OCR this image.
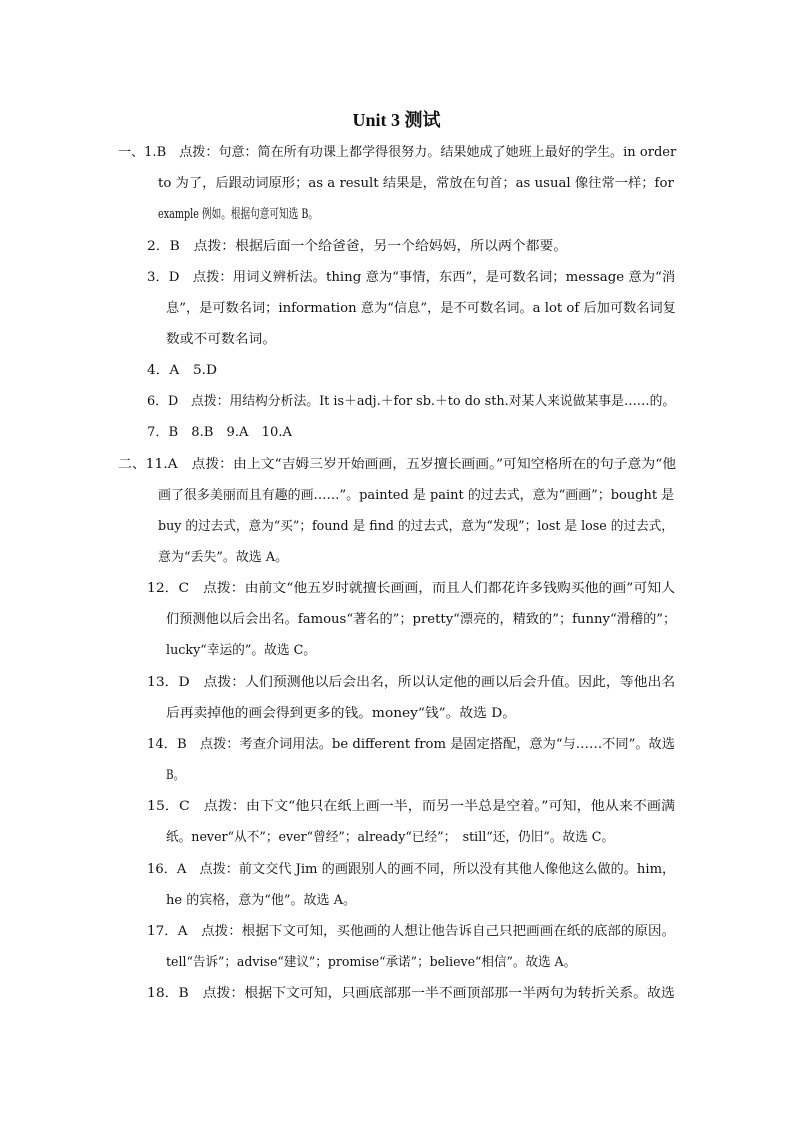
Unit 3 测试
一、1.B　点拨：句意：简在所有功课上都学得很努力。结果她成了她班上最好的学生。in order
to 为了，后跟动词原形；as a result 结果是，常放在句首；as usual 像往常一样；for
example 例如。根据句意可知选 B。
2．B　点拨：根据后面一个给爸爸，另一个给妈妈，所以两个都要。
3．D　点拨：用词义辨析法。thing 意为“事情，东西”，是可数名词；message 意为“消
息”，是可数名词；information 意为“信息”，是不可数名词。a lot of 后加可数名词复
数或不可数名词。
4．A　5.D
6．D　点拨：用结构分析法。It is＋adj.＋for sb.＋to do sth.对某人来说做某事是……的。
7．B　8.B　9.A　10.A
二、11.A　点拨：由上文“吉姆三岁开始画画，五岁擅长画画。”可知空格所在的句子意为“他
画了很多美丽而且有趣的画……”。painted 是 paint 的过去式，意为“画画”；bought 是
buy 的过去式，意为“买”；found 是 find 的过去式，意为“发现”；lost 是 lose 的过去式，
意为“丢失”。故选 A。
12．C　点拨：由前文“他五岁时就擅长画画，而且人们都花许多钱购买他的画”可知人
们预测他以后会出名。famous“著名的”；pretty“漂亮的，精致的”；funny“滑稽的”；
lucky“幸运的”。故选 C。
13．D　点拨：人们预测他以后会出名，所以认定他的画以后会升值。因此，等他出名
后再卖掉他的画会得到更多的钱。money“钱”。故选 D。
14．B　点拨：考查介词用法。be different from 是固定搭配，意为“与……不同”。故选
B。
15．C　点拨：由下文“他只在纸上画一半，而另一半总是空着。”可知，他从来不画满
纸。never“从不”；ever“曾经”；already“已经”；　still“还，仍旧”。故选 C。
16．A　点拨：前文交代 Jim 的画跟别人的画不同，所以没有其他人像他这么做的。him，
he 的宾格，意为“他”。故选 A。
17．A　点拨：根据下文可知，买他画的人想让他告诉自己只把画画在纸的底部的原因。
tell“告诉”；advise“建议”；promise“承诺”；believe“相信”。故选 A。
18．B　点拨：根据下文可知，只画底部那一半不画顶部那一半两句为转折关系。故选
